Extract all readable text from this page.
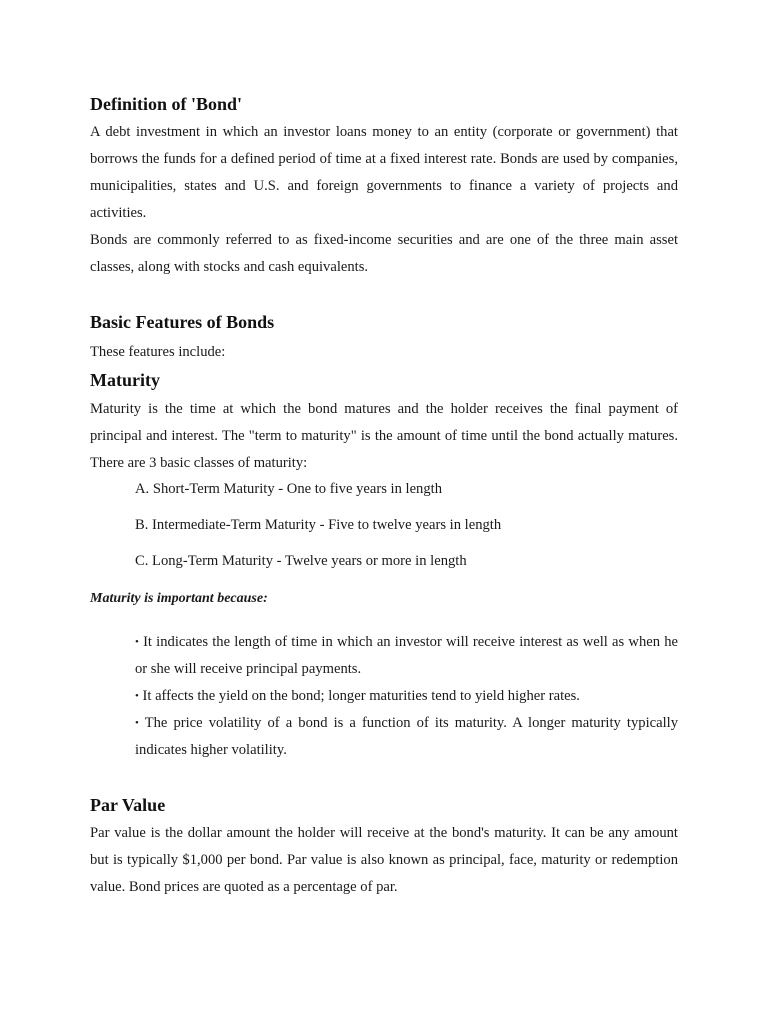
Definition of 'Bond'

A debt investment in which an investor loans money to an entity (corporate or government) that borrows the funds for a defined period of time at a fixed interest rate. Bonds are used by companies, municipalities, states and U.S. and foreign governments to finance a variety of projects and activities.

Bonds are commonly referred to as fixed-income securities and are one of the three main asset classes, along with stocks and cash equivalents.

Basic Features of Bonds

These features include:

Maturity

Maturity is the time at which the bond matures and the holder receives the final payment of principal and interest. The "term to maturity" is the amount of time until the bond actually matures. There are 3 basic classes of maturity:

A. Short-Term Maturity - One to five years in length

B. Intermediate-Term Maturity - Five to twelve years in length

C. Long-Term Maturity - Twelve years or more in length

Maturity is important because:

• It indicates the length of time in which an investor will receive interest as well as when he or she will receive principal payments.

• It affects the yield on the bond; longer maturities tend to yield higher rates.

• The price volatility of a bond is a function of its maturity. A longer maturity typically indicates higher volatility.

Par Value

Par value is the dollar amount the holder will receive at the bond's maturity. It can be any amount but is typically $1,000 per bond. Par value is also known as principal, face, maturity or redemption value. Bond prices are quoted as a percentage of par.
